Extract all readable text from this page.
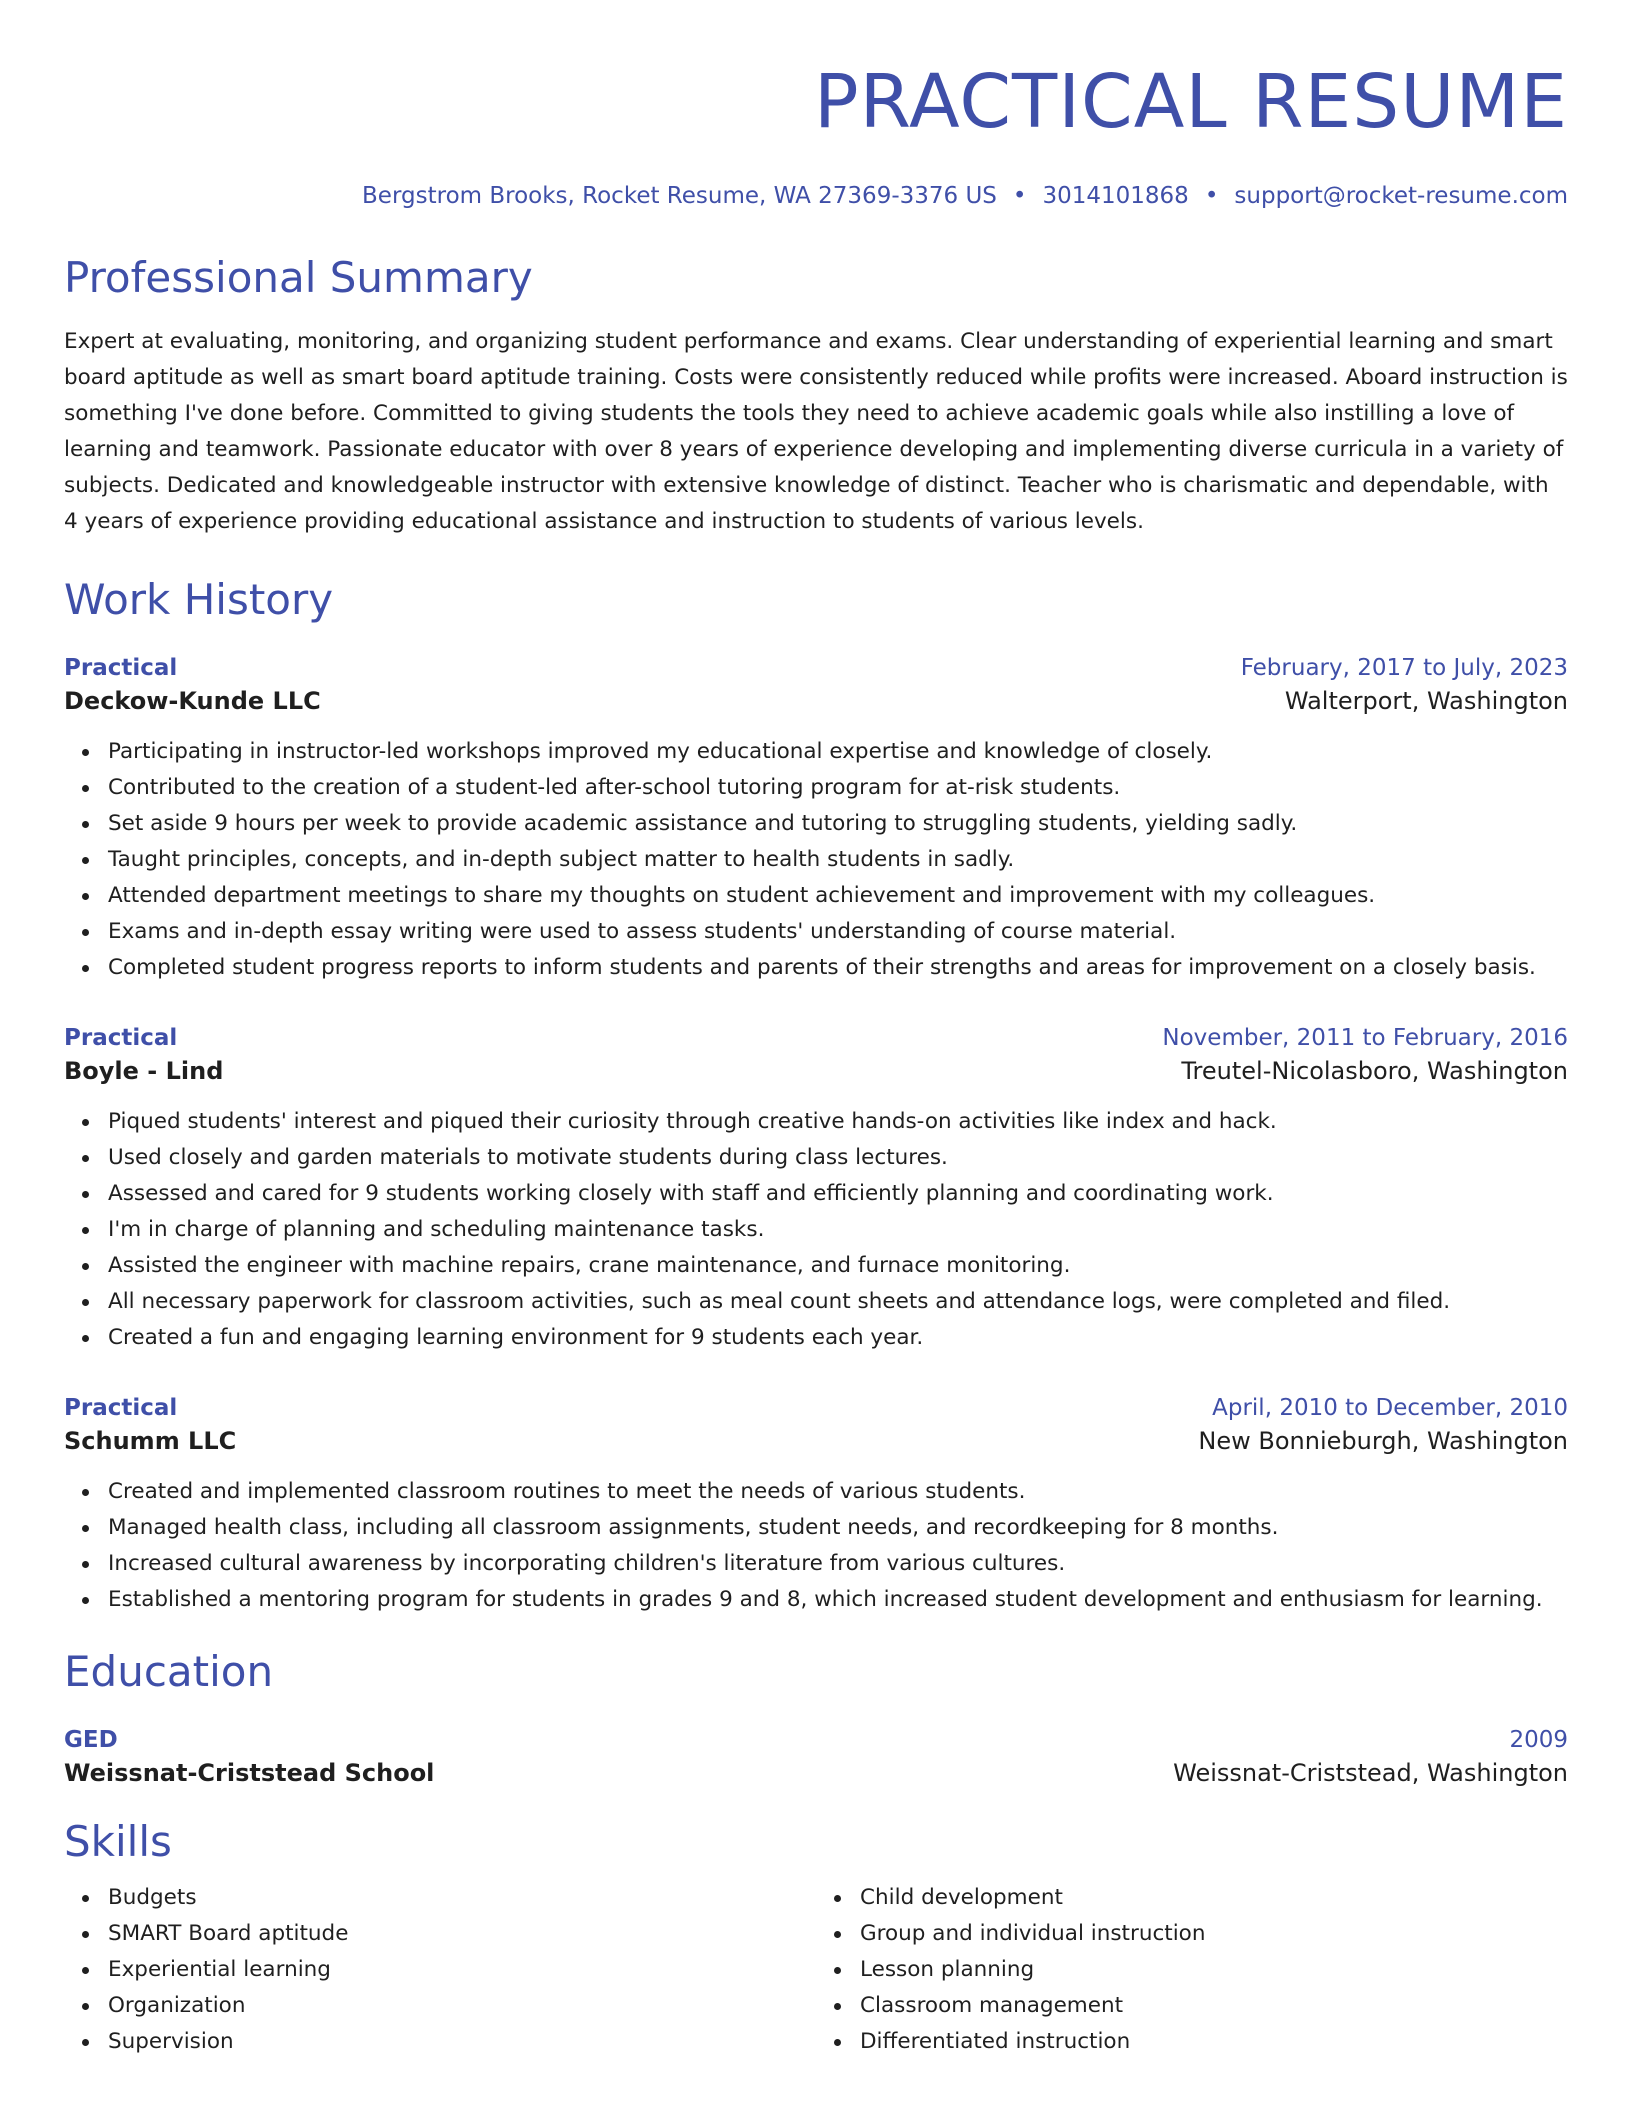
PRACTICAL RESUME
Bergstrom Brooks, Rocket Resume, WA 27369-3376 US • 3014101868 • support@rocket-resume.com
Professional Summary

Expert at evaluating, monitoring, and organizing student performance and exams. Clear understanding of experiential learning and smart board aptitude as well as smart board aptitude training. Costs were consistently reduced while profits were increased. Aboard instruction is something I've done before. Committed to giving students the tools they need to achieve academic goals while also instilling a love of learning and teamwork. Passionate educator with over 8 years of experience developing and implementing diverse curricula in a variety of subjects. Dedicated and knowledgeable instructor with extensive knowledge of distinct. Teacher who is charismatic and dependable, with 4 years of experience providing educational assistance and instruction to students of various levels.

Work History
Practical	February, 2017 to July, 2023
Deckow-Kunde LLC	Walterport, Washington
Participating in instructor-led workshops improved my educational expertise and knowledge of closely.
Contributed to the creation of a student-led after-school tutoring program for at-risk students.
Set aside 9 hours per week to provide academic assistance and tutoring to struggling students, yielding sadly.
Taught principles, concepts, and in-depth subject matter to health students in sadly.
Attended department meetings to share my thoughts on student achievement and improvement with my colleagues.
Exams and in-depth essay writing were used to assess students' understanding of course material.
Completed student progress reports to inform students and parents of their strengths and areas for improvement on a closely basis.
Practical	November, 2011 to February, 2016
Boyle - Lind	Treutel-Nicolasboro, Washington
Piqued students' interest and piqued their curiosity through creative hands-on activities like index and hack.
Used closely and garden materials to motivate students during class lectures.
Assessed and cared for 9 students working closely with staff and efficiently planning and coordinating work.
I'm in charge of planning and scheduling maintenance tasks.
Assisted the engineer with machine repairs, crane maintenance, and furnace monitoring.
All necessary paperwork for classroom activities, such as meal count sheets and attendance logs, were completed and filed.
Created a fun and engaging learning environment for 9 students each year.
Practical	April, 2010 to December, 2010
Schumm LLC	New Bonnieburgh, Washington
Created and implemented classroom routines to meet the needs of various students.
Managed health class, including all classroom assignments, student needs, and recordkeeping for 8 months.
Increased cultural awareness by incorporating children's literature from various cultures.
Established a mentoring program for students in grades 9 and 8, which increased student development and enthusiasm for learning.
Education
GED	2009
Weissnat-Criststead School	Weissnat-Criststead, Washington
Skills
Budgets
SMART Board aptitude
Experiential learning
Organization
Supervision
Child development
Group and individual instruction
Lesson planning
Classroom management
Differentiated instruction
